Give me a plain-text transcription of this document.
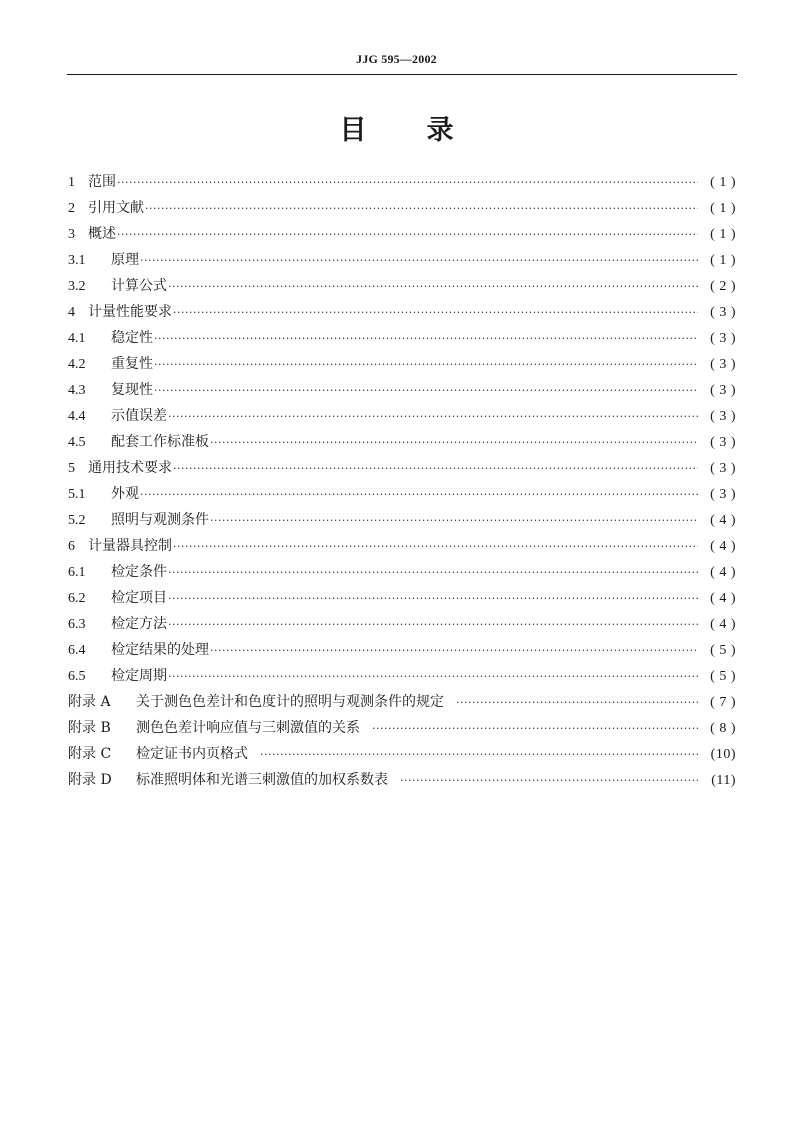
JJG 595—2002
目录
1 范围 ·····	( 1 )
2 引用文献 ·····	( 1 )
3 概述 ·····	( 1 )
3.1	原理 ·····	( 1 )
3.2	计算公式 ·····	( 2 )
4 计量性能要求 ·····	( 3 )
4.1	稳定性 ·····	( 3 )
4.2	重复性 ·····	( 3 )
4.3	复现性 ·····	( 3 )
4.4	示值误差 ·····	( 3 )
4.5	配套工作标准板 ·····	( 3 )
5 通用技术要求 ·····	( 3 )
5.1	外观 ·····	( 3 )
5.2	照明与观测条件 ·····	( 4 )
6 计量器具控制 ·····	( 4 )
6.1	检定条件 ·····	( 4 )
6.2	检定项目 ·····	( 4 )
6.3	检定方法 ·····	( 4 )
6.4	检定结果的处理 ·····	( 5 )
6.5	检定周期 ·····	( 5 )
附录 A	关于测色色差计和色度计的照明与观测条件的规定 ·····	( 7 )
附录 B	测色色差计响应值与三刺激值的关系 ·····	( 8 )
附录 C	检定证书内页格式 ·····	(10)
附录 D	标准照明体和光谱三刺激值的加权系数表 ·····	(11)
